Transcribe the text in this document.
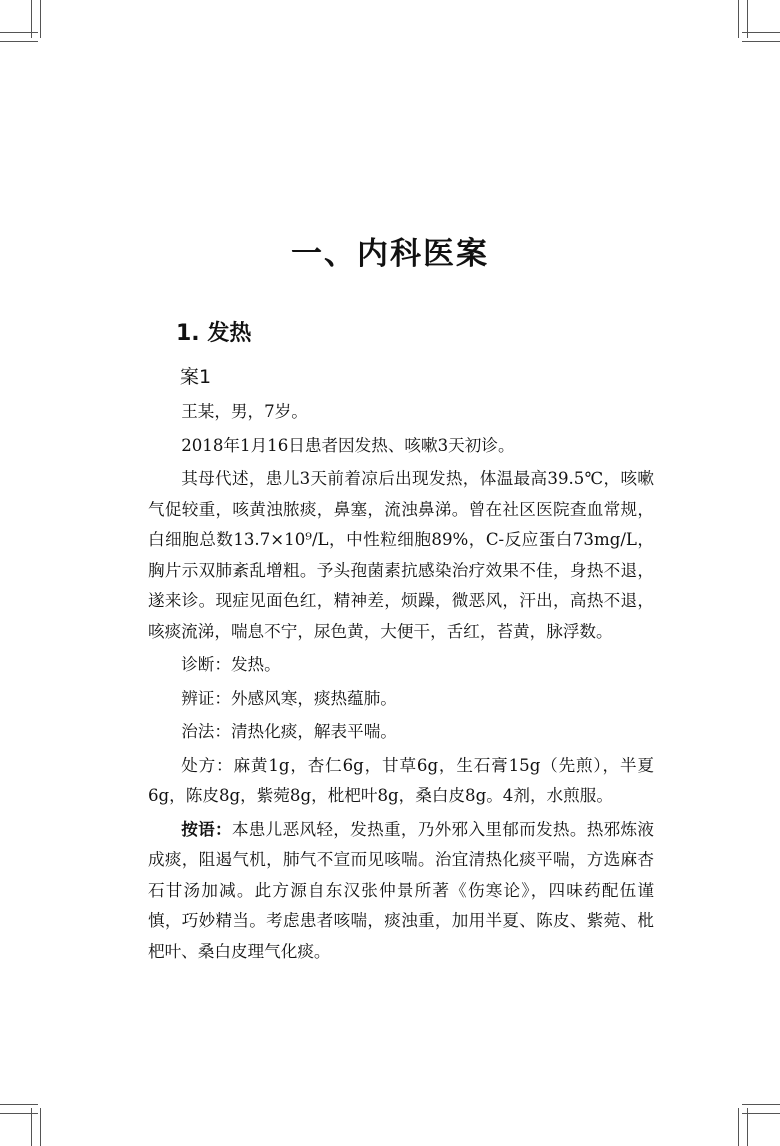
一、内科医案
1. 发热
案1

王某，男，7岁。

2018年1月16日患者因发热、咳嗽3天初诊。

其母代述，患儿3天前着凉后出现发热，体温最高39.5℃，咳嗽气促较重，咳黄浊脓痰，鼻塞，流浊鼻涕。曾在社区医院查血常规，白细胞总数13.7×10⁹/L，中性粒细胞89%，C-反应蛋白73mg/L，胸片示双肺紊乱增粗。予头孢菌素抗感染治疗效果不佳，身热不退，遂来诊。现症见面色红，精神差，烦躁，微恶风，汗出，高热不退，咳痰流涕，喘息不宁，尿色黄，大便干，舌红，苔黄，脉浮数。

诊断：发热。

辨证：外感风寒，痰热蕴肺。

治法：清热化痰，解表平喘。

处方：麻黄1g，杏仁6g，甘草6g，生石膏15g（先煎），半夏6g，陈皮8g，紫菀8g，枇杷叶8g，桑白皮8g。4剂，水煎服。

按语：本患儿恶风轻，发热重，乃外邪入里郁而发热。热邪炼液成痰，阻遏气机，肺气不宣而见咳喘。治宜清热化痰平喘，方选麻杏石甘汤加减。此方源自东汉张仲景所著《伤寒论》，四味药配伍谨慎，巧妙精当。考虑患者咳喘，痰浊重，加用半夏、陈皮、紫菀、枇杷叶、桑白皮理气化痰。
